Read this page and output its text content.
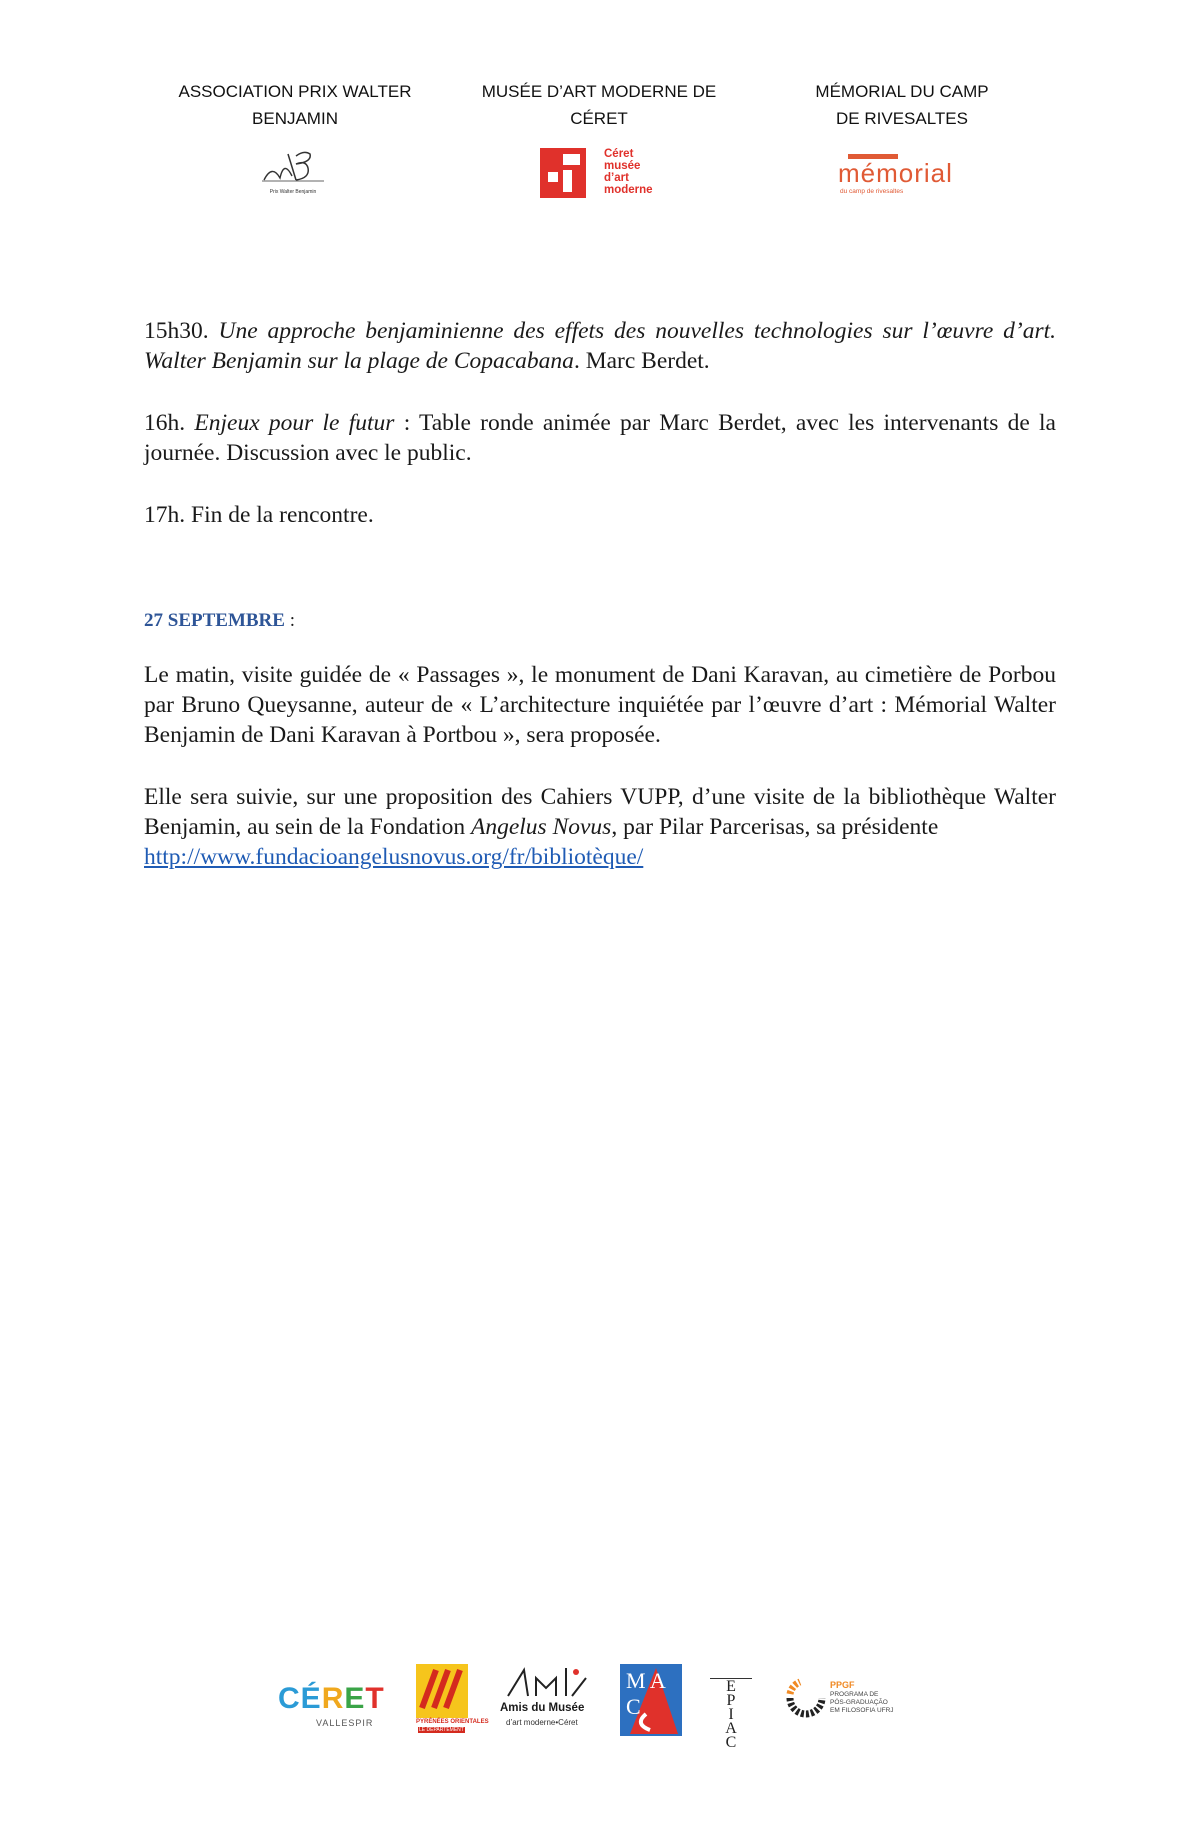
ASSOCIATION PRIX WALTER
BENJAMIN
MUSÉE D’ART MODERNE DE
CÉRET
MÉMORIAL DU CAMP
DE RIVESALTES
Prix Walter Benjamin
Céret
musée
d’art
moderne
mémorial
du camp de rivesaltes

15h30. Une approche benjaminienne des effets des nouvelles technologies sur l’œuvre d’art. Walter Benjamin sur la plage de Copacabana. Marc Berdet.

16h. Enjeux pour le futur : Table ronde animée par Marc Berdet, avec les intervenants de la journée. Discussion avec le public.

17h. Fin de la rencontre.

27 SEPTEMBRE :

Le matin, visite guidée de « Passages », le monument de Dani Karavan, au cimetière de Porbou par Bruno Queysanne, auteur de « L’architecture inquiétée par l’œuvre d’art : Mémorial Walter Benjamin de Dani Karavan à Portbou », sera proposée.

Elle sera suivie, sur une proposition des Cahiers VUPP, d’une visite de la bibliothèque Walter Benjamin, au sein de la Fondation Angelus Novus, par Pilar Parcerisas, sa présidente
http://www.fundacioangelusnovus.org/fr/bibliotèque/

CÉRET
VALLESPIR	PYRÉNÉES ORIENTALES
LE DÉPARTEMENT
Amis du Musée
d’art moderne•Céret
M A C
E P I A C
PPGF
PROGRAMA DE
PÓS-GRADUAÇÃO
EM FILOSOFIA UFRJ
